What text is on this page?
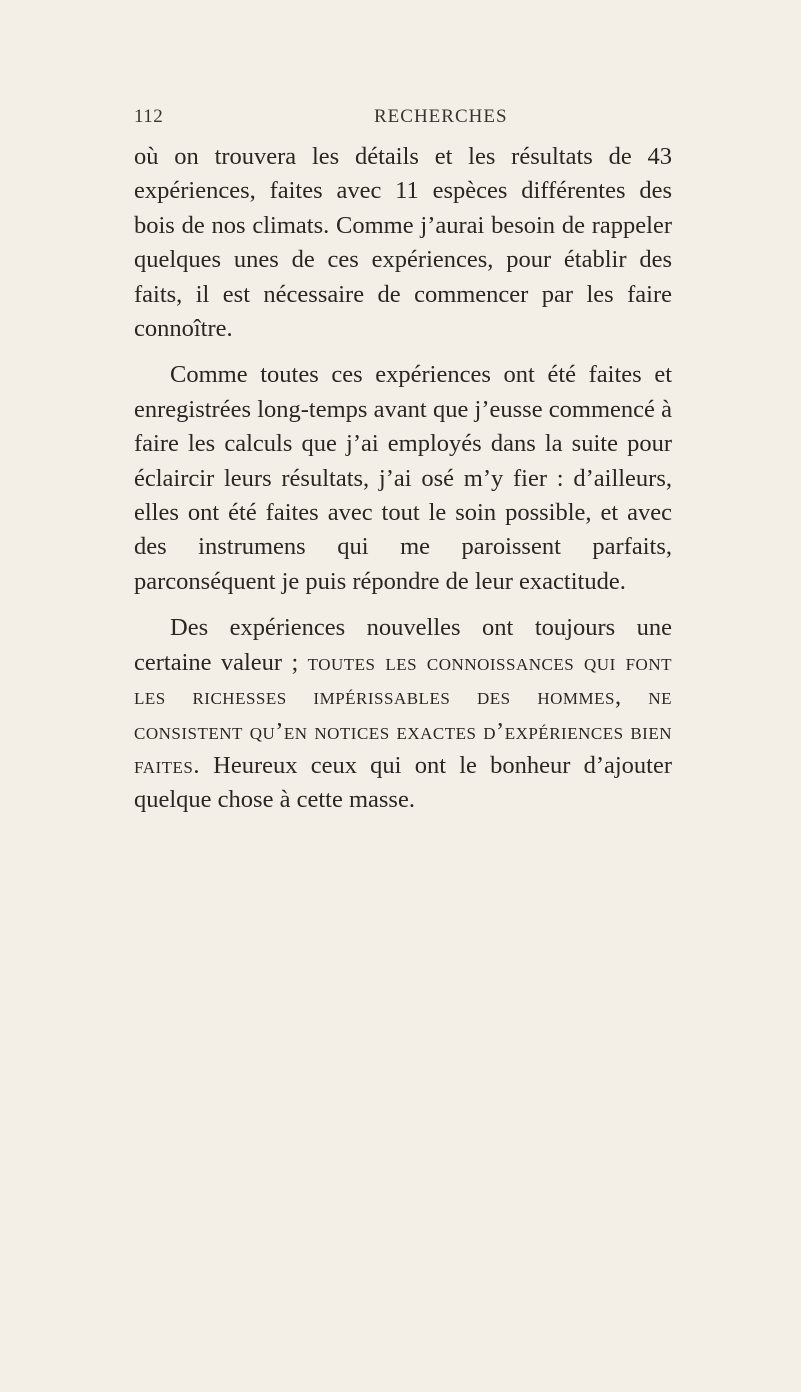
112	RECHERCHES

où on trouvera les détails et les résultats de 43 expériences, faites avec 11 espèces différentes des bois de nos climats. Comme j’aurai besoin de rappeler quelques unes de ces expériences, pour établir des faits, il est nécessaire de commencer par les faire connoître.

Comme toutes ces expériences ont été faites et enregistrées long-temps avant que j’eusse commencé à faire les calculs que j’ai employés dans la suite pour éclaircir leurs résultats, j’ai osé m’y fier : d’ailleurs, elles ont été faites avec tout le soin possible, et avec des instrumens qui me paroissent parfaits, parconséquent je puis répondre de leur exactitude.

Des expériences nouvelles ont toujours une certaine valeur ; toutes les connoissances qui font les richesses impérissables des hommes, ne consistent qu’en notices exactes d’expériences bien faites. Heureux ceux qui ont le bonheur d’ajouter quelque chose à cette masse.
